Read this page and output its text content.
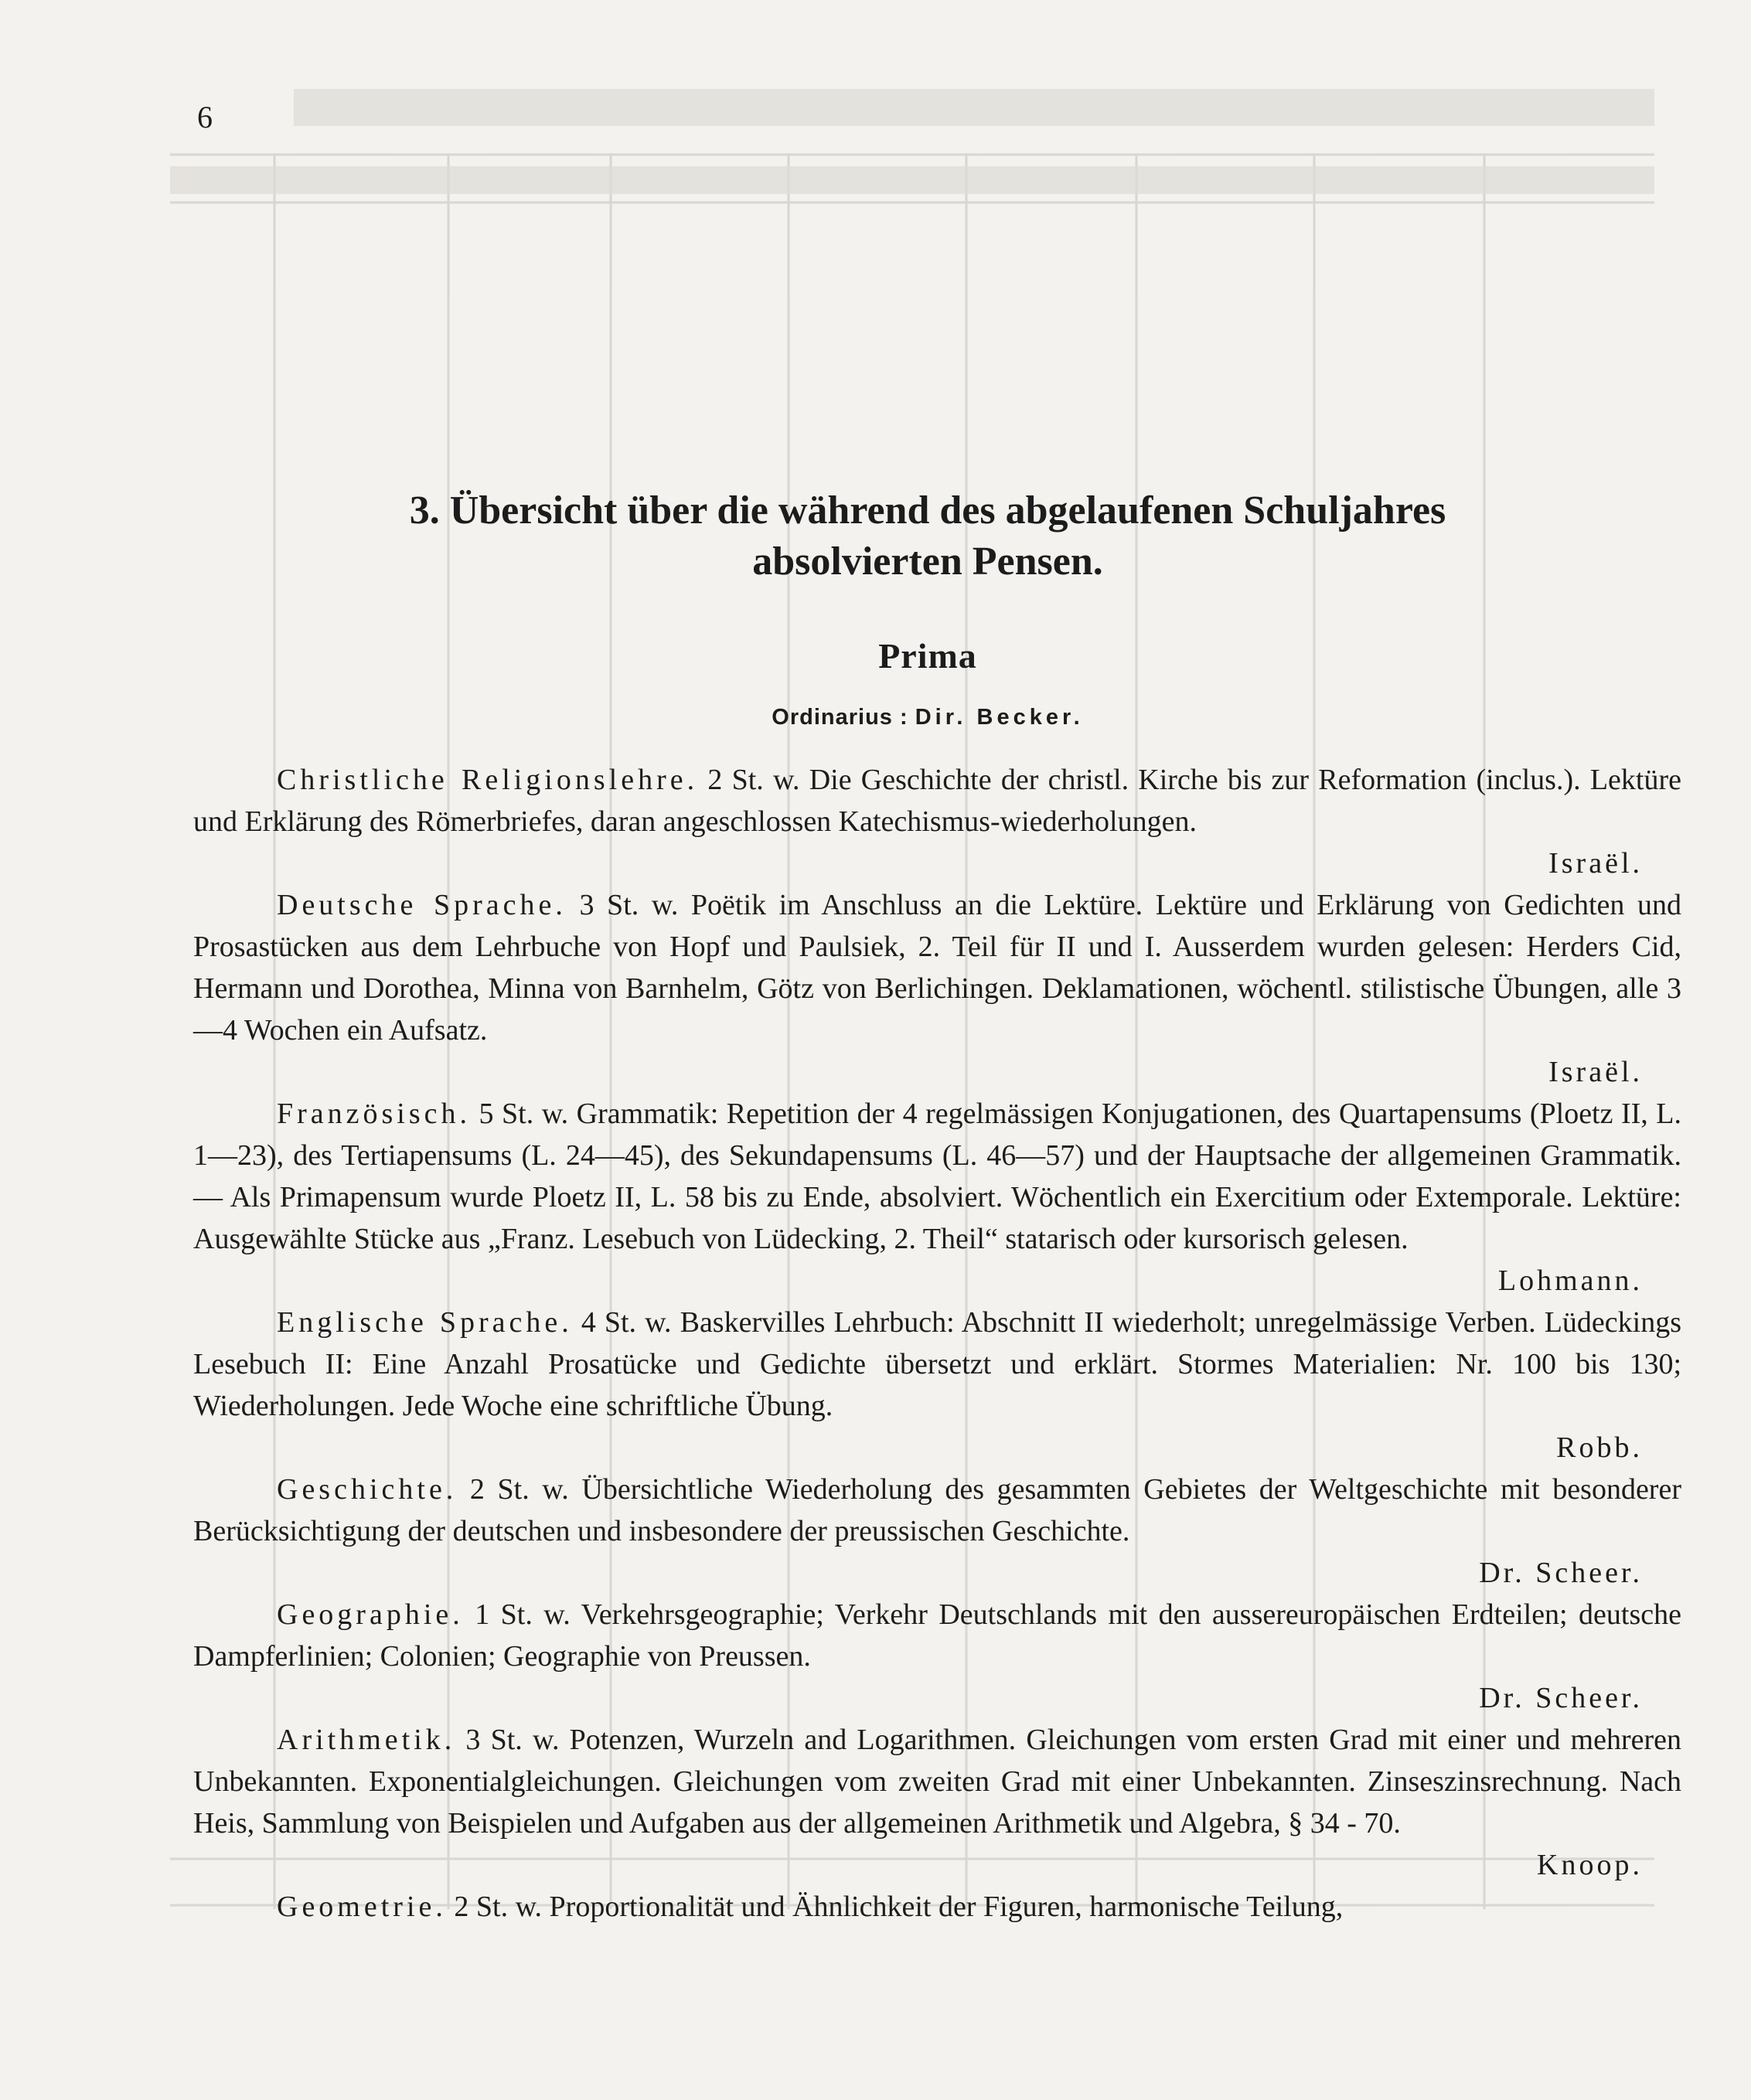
6
3. Übersicht über die während des abgelaufenen Schuljahres
absolvierten Pensen.
Prima
Ordinarius : Dir. Becker.

Christliche Religionslehre. 2 St. w. Die Geschichte der christl. Kirche bis zur Reformation (inclus.). Lektüre und Erklärung des Römerbriefes, daran angeschlossen Katechismus-wiederholungen.

Israël.

Deutsche Sprache. 3 St. w. Poëtik im Anschluss an die Lektüre. Lektüre und Erklärung von Gedichten und Prosastücken aus dem Lehrbuche von Hopf und Paulsiek, 2. Teil für II und I. Ausserdem wurden gelesen: Herders Cid, Hermann und Dorothea, Minna von Barnhelm, Götz von Berlichingen. Deklamationen, wöchentl. stilistische Übungen, alle 3—4 Wochen ein Aufsatz.

Israël.

Französisch. 5 St. w. Grammatik: Repetition der 4 regelmässigen Konjugationen, des Quartapensums (Ploetz II, L. 1—23), des Tertiapensums (L. 24—45), des Sekundapensums (L. 46—57) und der Hauptsache der allgemeinen Grammatik. — Als Primapensum wurde Ploetz II, L. 58 bis zu Ende, absolviert. Wöchentlich ein Exercitium oder Extemporale. Lektüre: Ausgewählte Stücke aus „Franz. Lesebuch von Lüdecking, 2. Theil“ statarisch oder kursorisch gelesen.

Lohmann.

Englische Sprache. 4 St. w. Baskervilles Lehrbuch: Abschnitt II wiederholt; unregelmässige Verben. Lüdeckings Lesebuch II: Eine Anzahl Prosatücke und Gedichte übersetzt und erklärt. Stormes Materialien: Nr. 100 bis 130; Wiederholungen. Jede Woche eine schriftliche Übung.

Robb.

Geschichte. 2 St. w. Übersichtliche Wiederholung des gesammten Gebietes der Weltgeschichte mit besonderer Berücksichtigung der deutschen und insbesondere der preussischen Geschichte.

Dr. Scheer.

Geographie. 1 St. w. Verkehrsgeographie; Verkehr Deutschlands mit den aussereuropäischen Erdteilen; deutsche Dampferlinien; Colonien; Geographie von Preussen.

Dr. Scheer.

Arithmetik. 3 St. w. Potenzen, Wurzeln and Logarithmen. Gleichungen vom ersten Grad mit einer und mehreren Unbekannten. Exponentialgleichungen. Gleichungen vom zweiten Grad mit einer Unbekannten. Zinseszinsrechnung. Nach Heis, Sammlung von Beispielen und Aufgaben aus der allgemeinen Arithmetik und Algebra, § 34 - 70.

Knoop.

Geometrie. 2 St. w. Proportionalität und Ähnlichkeit der Figuren, harmonische Teilung,
